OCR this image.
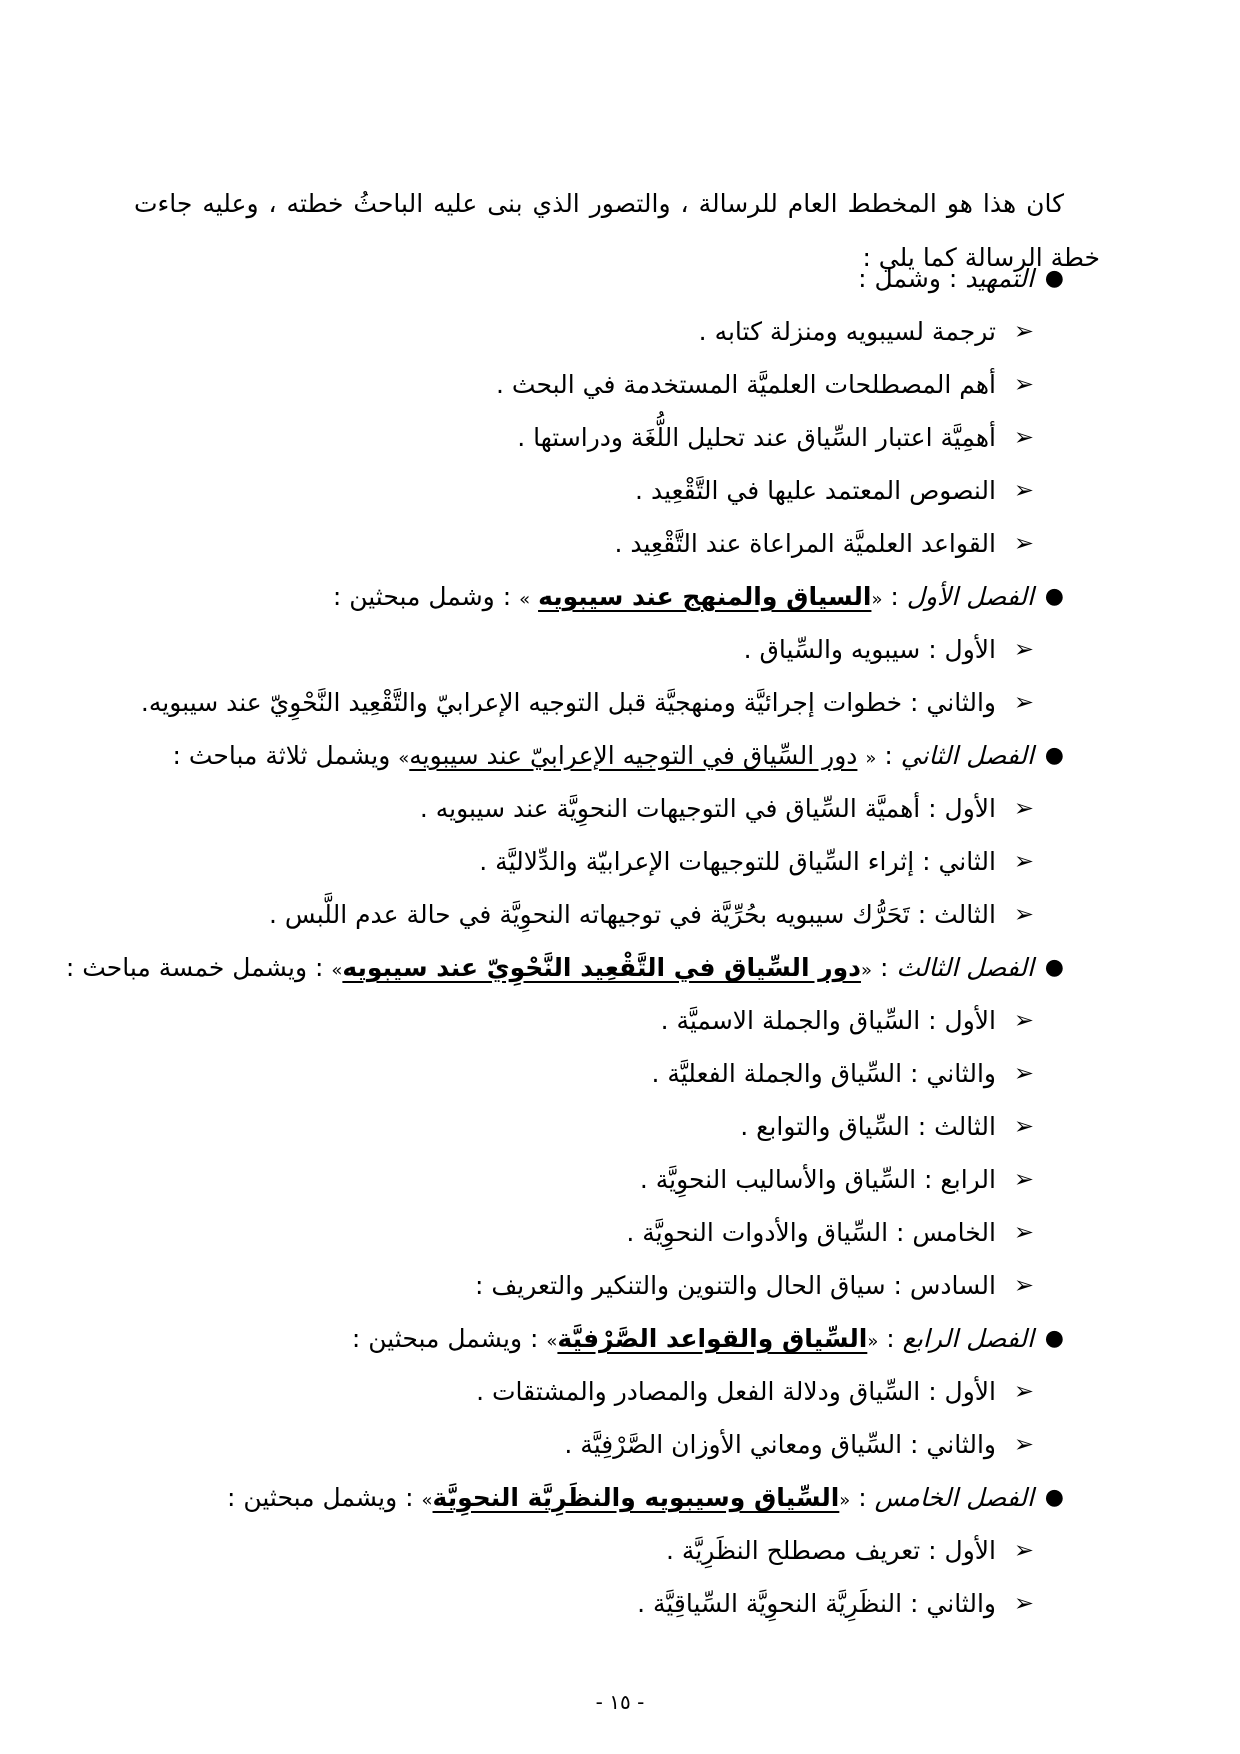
كان هذا هو المخطط العام للرسالة ، والتصور الذي بنى عليه الباحثُ خطته ، وعليه جاءت خطة الرسالة كما يلي :

●
التمهيد : وشمل :
➢
ترجمة لسيبويه ومنزلة كتابه .
➢
أهم المصطلحات العلميَّة المستخدمة في البحث .
➢
أهمِيَّة اعتبار السِّياق عند تحليل اللُّغَة ودراستها .
➢
النصوص المعتمد عليها في التَّقْعِيد .
➢
القواعد العلميَّة المراعاة عند التَّقْعِيد .
●
الفصل الأول : «السياق والمنهج عند سيبويه » : وشمل مبحثين :
➢
الأول : سيبويه والسِّياق .
➢
والثاني : خطوات إجرائيَّة ومنهجيَّة قبل التوجيه الإعرابيّ والتَّقْعِيد النَّحْوِيّ عند سيبويه.
●
الفصل الثاني : « دور السِّياق في التوجيه الإعرابيّ عند سيبويه» ويشمل ثلاثة مباحث :
➢
الأول : أهميَّة السِّياق في التوجيهات النحوِيَّة عند سيبويه .
➢
الثاني : إثراء السِّياق للتوجيهات الإعرابيّة والدِّلاليَّة .
➢
الثالث : تَحَرُّك سيبويه بحُرِّيَّة في توجيهاته النحوِيَّة في حالة عدم اللَّبس .
●
الفصل الثالث : «دور السِّياق في التَّقْعِيد النَّحْوِيّ عند سيبويه» : ويشمل خمسة مباحث :
➢
الأول : السِّياق والجملة الاسميَّة .
➢
والثاني : السِّياق والجملة الفعليَّة .
➢
الثالث : السِّياق والتوابع .
➢
الرابع : السِّياق والأساليب النحوِيَّة .
➢
الخامس : السِّياق والأدوات النحوِيَّة .
➢
السادس : سياق الحال والتنوين والتنكير والتعريف :
●
الفصل الرابع : «السِّياق والقواعد الصَّرْفيَّة» : ويشمل مبحثين :
➢
الأول : السِّياق ودلالة الفعل والمصادر والمشتقات .
➢
والثاني : السِّياق ومعاني الأوزان الصَّرْفِيَّة .
●
الفصل الخامس : «السِّياق وسيبويه والنظَرِيَّة النحوِيَّة» : ويشمل مبحثين :
➢
الأول : تعريف مصطلح النظَرِيَّة .
➢
والثاني : النظَرِيَّة النحوِيَّة السِّياقِيَّة .
- ١٥ -
